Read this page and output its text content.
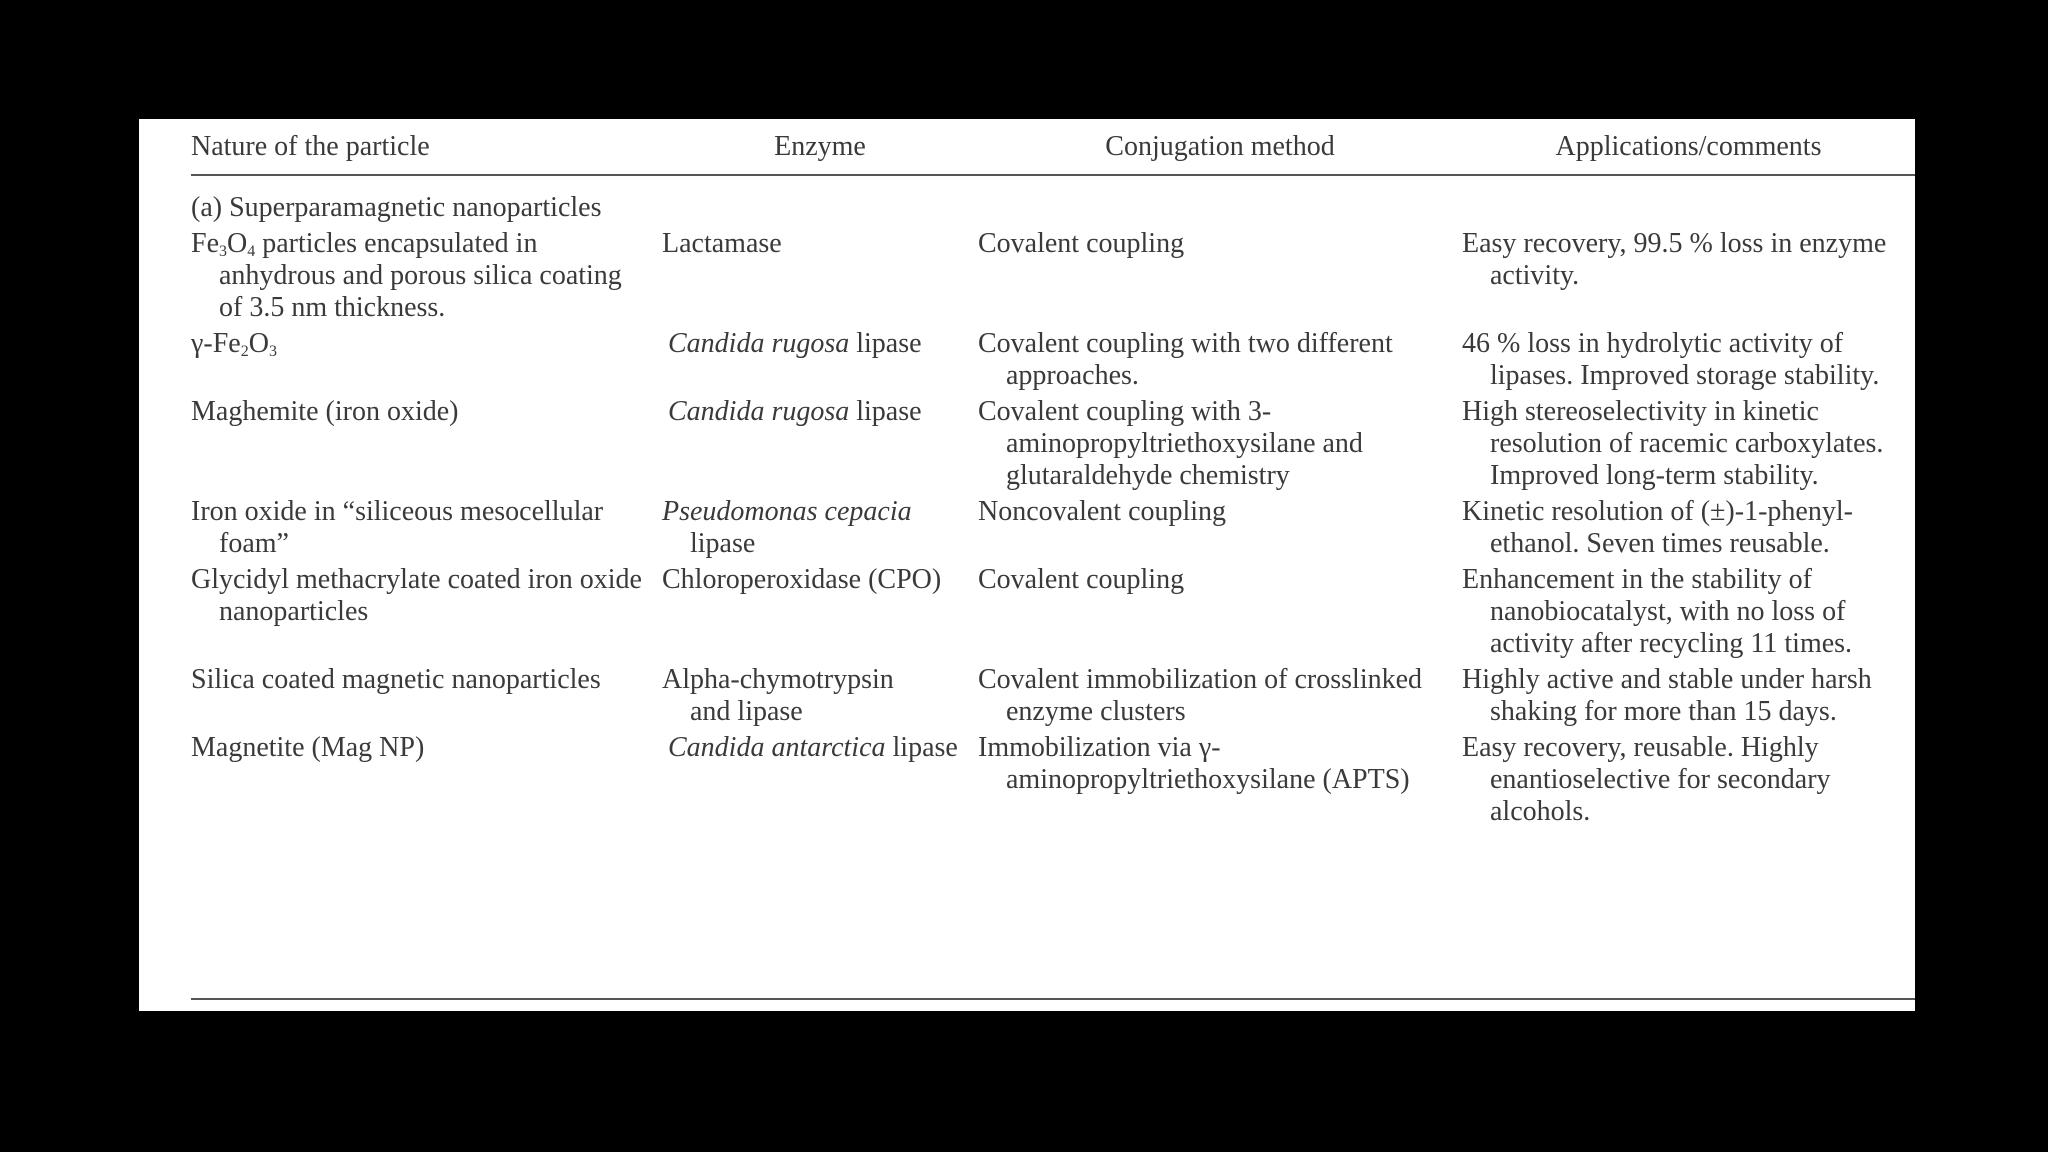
Nature of the particle	Enzyme	Conjugation method	Applications/comments

(a) Superparamagnetic nanoparticles			

$Fe_3O_4$ particles encapsulated in anhydrous and porous silica coating of 3.5 nm thickness.	Lactamase	Covalent coupling	Easy recovery, 99.5 % loss in enzyme activity.

$\gamma-Fe_2O_3$	Candida rugosa lipase	Covalent coupling with two different approaches.	46 % loss in hydrolytic activity of lipases. Improved storage stability.

Maghemite (iron oxide)	Candida rugosa lipase	Covalent coupling with 3-aminopropyltriethoxysilane and glutaraldehyde chemistry	High stereoselectivity in kinetic resolution of racemic carboxylates. Improved long-term stability.

Iron oxide in “siliceous mesocellular foam”	Pseudomonas cepacia lipase	Noncovalent coupling	Kinetic resolution of (±)-1-phenyl-ethanol. Seven times reusable.

Glycidyl methacrylate coated iron oxide nanoparticles	Chloroperoxidase (CPO)	Covalent coupling	Enhancement in the stability of nanobiocatalyst, with no loss of activity after recycling 11 times.

Silica coated magnetic nanoparticles	Alpha-chymotrypsin and lipase	Covalent immobilization of crosslinked enzyme clusters	Highly active and stable under harsh shaking for more than 15 days.

Magnetite (Mag NP)	Candida antarctica lipase	Immobilization via γ-aminopropyltriethoxysilane (APTS)	Easy recovery, reusable. Highly enantioselective for secondary alcohols.
